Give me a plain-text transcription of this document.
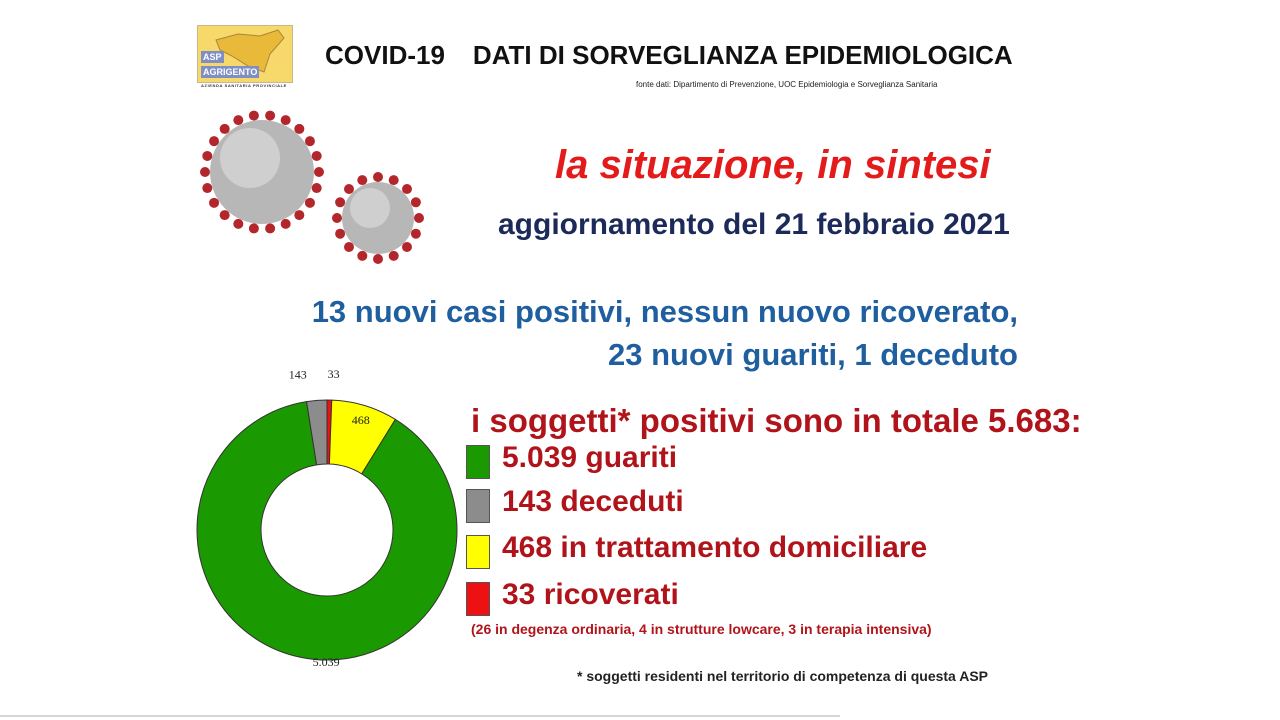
ASP
AGRIGENTO
AZIENDA SANITARIA PROVINCIALE
COVID-19 DATI DI SORVEGLIANZA EPIDEMIOLOGICA
fonte dati: Dipartimento di Prevenzione, UOC Epidemiologia e Sorveglianza Sanitaria
la situazione, in sintesi
aggiornamento del 21 febbraio 2021
13 nuovi casi positivi, nessun nuovo ricoverato,
23 nuovi guariti, 1 deceduto
i soggetti* positivi sono in totale 5.683:
5.039 guariti
143 deceduti
468 in trattamento domiciliare
33 ricoverati
(26 in degenza ordinaria, 4 in strutture lowcare, 3 in terapia intensiva)
* soggetti residenti nel territorio di competenza di questa ASP
33
468
5.039
143
